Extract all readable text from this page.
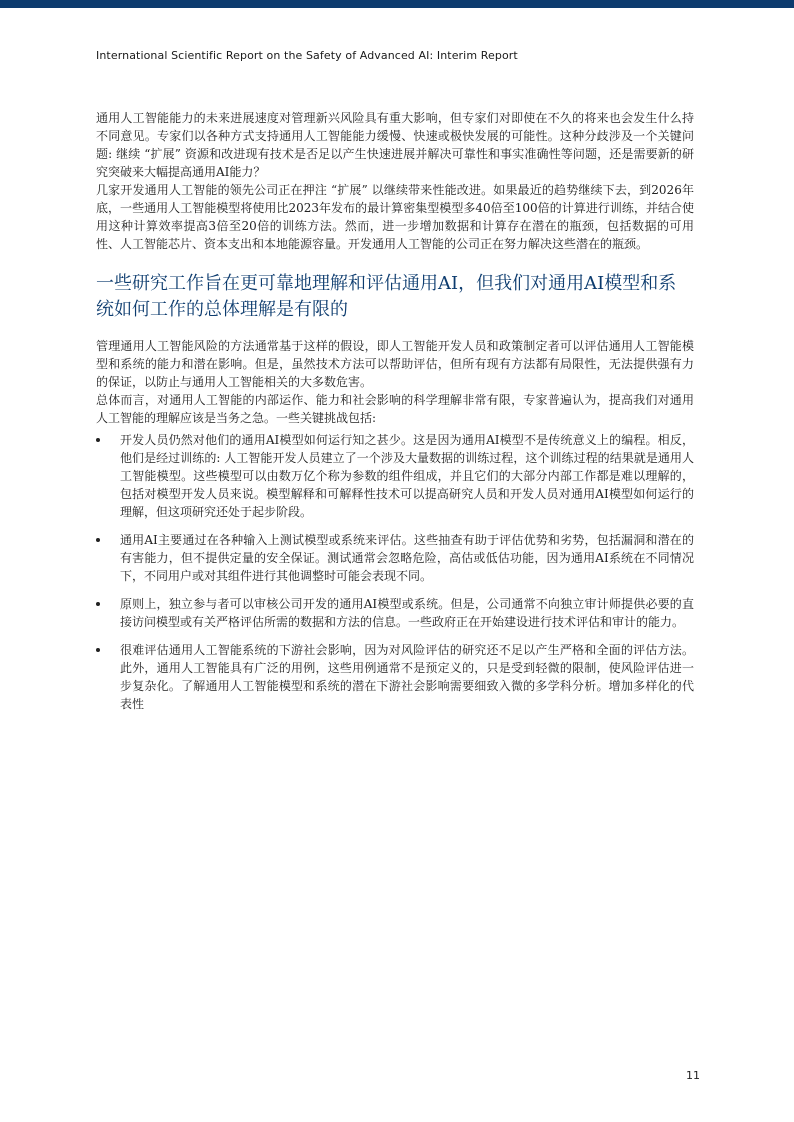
International Scientific Report on the Safety of Advanced AI: Interim Report

通用人工智能能力的未来进展速度对管理新兴风险具有重大影响，但专家们对即使在不久的将来也会发生什么持不同意见。专家们以各种方式支持通用人工智能能力缓慢、快速或极快发展的可能性。这种分歧涉及一个关键问题: 继续 “扩展” 资源和改进现有技术是否足以产生快速进展并解决可靠性和事实准确性等问题，还是需要新的研究突破来大幅提高通用AI能力？

几家开发通用人工智能的领先公司正在押注 “扩展” 以继续带来性能改进。如果最近的趋势继续下去，到2026年底，一些通用人工智能模型将使用比2023年发布的最计算密集型模型多40倍至100倍的计算进行训练，并结合使用这种计算效率提高3倍至20倍的训练方法。然而，进一步增加数据和计算存在潜在的瓶颈，包括数据的可用性、人工智能芯片、资本支出和本地能源容量。开发通用人工智能的公司正在努力解决这些潜在的瓶颈。

一些研究工作旨在更可靠地理解和评估通用AI，但我们对通用AI模型和系统如何工作的总体理解是有限的

管理通用人工智能风险的方法通常基于这样的假设，即人工智能开发人员和政策制定者可以评估通用人工智能模型和系统的能力和潜在影响。但是，虽然技术方法可以帮助评估，但所有现有方法都有局限性，无法提供强有力的保证，以防止与通用人工智能相关的大多数危害。

总体而言，对通用人工智能的内部运作、能力和社会影响的科学理解非常有限，专家普遍认为，提高我们对通用人工智能的理解应该是当务之急。一些关键挑战包括:

开发人员仍然对他们的通用AI模型如何运行知之甚少。这是因为通用AI模型不是传统意义上的编程。相反，他们是经过训练的: 人工智能开发人员建立了一个涉及大量数据的训练过程，这个训练过程的结果就是通用人工智能模型。这些模型可以由数万亿个称为参数的组件组成，并且它们的大部分内部工作都是难以理解的，包括对模型开发人员来说。模型解释和可解释性技术可以提高研究人员和开发人员对通用AI模型如何运行的理解，但这项研究还处于起步阶段。
通用AI主要通过在各种输入上测试模型或系统来评估。这些抽查有助于评估优势和劣势，包括漏洞和潜在的有害能力，但不提供定量的安全保证。测试通常会忽略危险，高估或低估功能，因为通用AI系统在不同情况下，不同用户或对其组件进行其他调整时可能会表现不同。
原则上，独立参与者可以审核公司开发的通用AI模型或系统。但是，公司通常不向独立审计师提供必要的直接访问模型或有关严格评估所需的数据和方法的信息。一些政府正在开始建设进行技术评估和审计的能力。
很难评估通用人工智能系统的下游社会影响，因为对风险评估的研究还不足以产生严格和全面的评估方法。此外，通用人工智能具有广泛的用例，这些用例通常不是预定义的，只是受到轻微的限制，使风险评估进一步复杂化。了解通用人工智能模型和系统的潜在下游社会影响需要细致入微的多学科分析。增加多样化的代表性
11
